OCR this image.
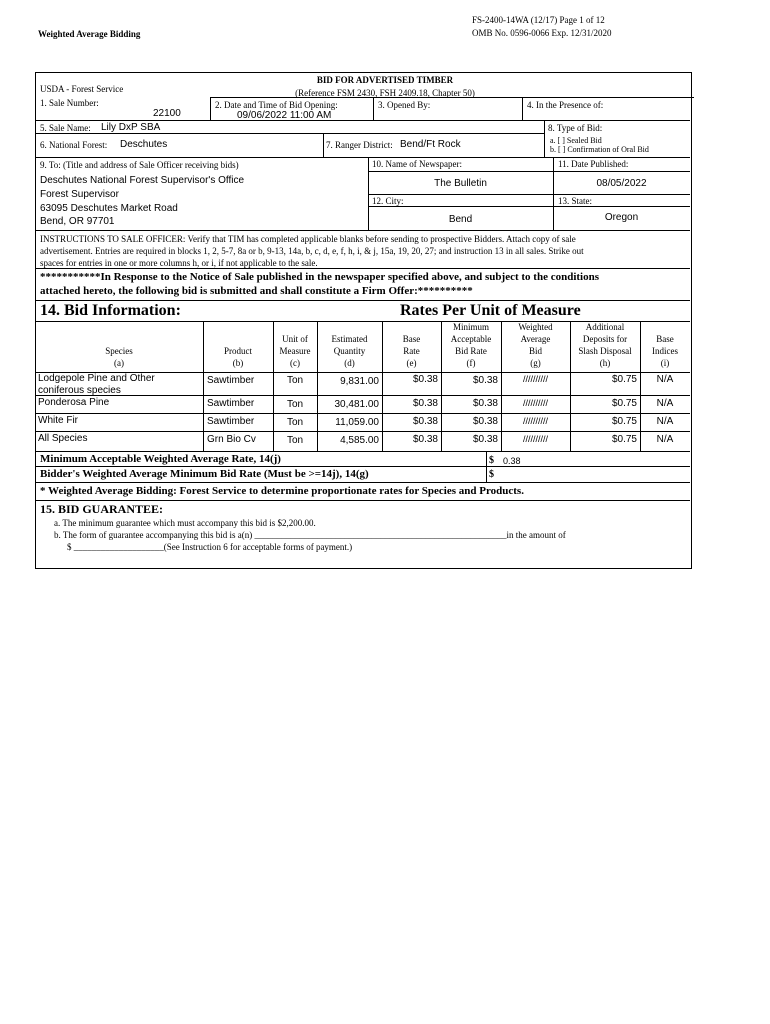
Weighted Average Bidding
FS-2400-14WA (12/17) Page 1 of 12
OMB No. 0596-0066 Exp. 12/31/2020
BID FOR ADVERTISED TIMBER
(Reference FSM 2430, FSH 2409.18, Chapter 50)
USDA - Forest Service
1. Sale Number:
22100
2. Date and Time of Bid Opening:
09/06/2022 11:00 AM
3. Opened By:	4. In the Presence of:
5. Sale Name: Lily DxP SBA	8. Type of Bid:
6. National Forest: Deschutes	7. Ranger District: Bend/Ft Rock	a. [ ] Sealed Bid
b. [ ] Confirmation of Oral Bid
9. To: (Title and address of Sale Officer receiving bids)
Deschutes National Forest Supervisor's Office
Forest Supervisor
63095 Deschutes Market Road
Bend, OR 97701
10. Name of Newspaper:
The Bulletin
11. Date Published:
08/05/2022
12. City:
Bend
13. State:
Oregon
INSTRUCTIONS TO SALE OFFICER: Verify that TIM has completed applicable blanks before sending to prospective Bidders. Attach copy of sale
advertisement. Entries are required in blocks 1, 2, 5-7, 8a or b, 9-13, 14a, b, c, d, e, f, h, i, & j, 15a, 19, 20, 27; and instruction 13 in all sales. Strike out
spaces for entries in one or more columns h, or i, if not applicable to the sale.
***********In Response to the Notice of Sale published in the newspaper specified above, and subject to the conditions
attached hereto, the following bid is submitted and shall constitute a Firm Offer:**********
14. Bid Information:	Rates Per Unit of Measure
Species
(a)
Product
(b)
Unit of
Measure
(c)
Estimated
Quantity
(d)
Base
Rate
(e)
Minimum
Acceptable
Bid Rate
(f)
Weighted
Average
Bid
(g)
Additional
Deposits for
Slash Disposal
(h)
Base
Indices
(i)
Lodgepole Pine and Other
coniferous species
Sawtimber	Ton	9,831.00	$0.38	$0.38	//////////	$0.75	N/A
Ponderosa Pine	Sawtimber	Ton	30,481.00	$0.38	$0.38	//////////	$0.75	N/A
White Fir	Sawtimber	Ton	11,059.00	$0.38	$0.38	//////////	$0.75	N/A
All Species	Grn Bio Cv	Ton	4,585.00	$0.38	$0.38	//////////	$0.75	N/A
Minimum Acceptable Weighted Average Rate, 14(j)	$ 0.38
Bidder's Weighted Average Minimum Bid Rate (Must be >=14j), 14(g)	$
* Weighted Average Bidding: Forest Service to determine proportionate rates for Species and Products.
15. BID GUARANTEE:
a. The minimum guarantee which must accompany this bid is $2,200.00.
b. The form of guarantee accompanying this bid is a(n) ________________________________________________________in the amount of
$ ____________________(See Instruction 6 for acceptable forms of payment.)
